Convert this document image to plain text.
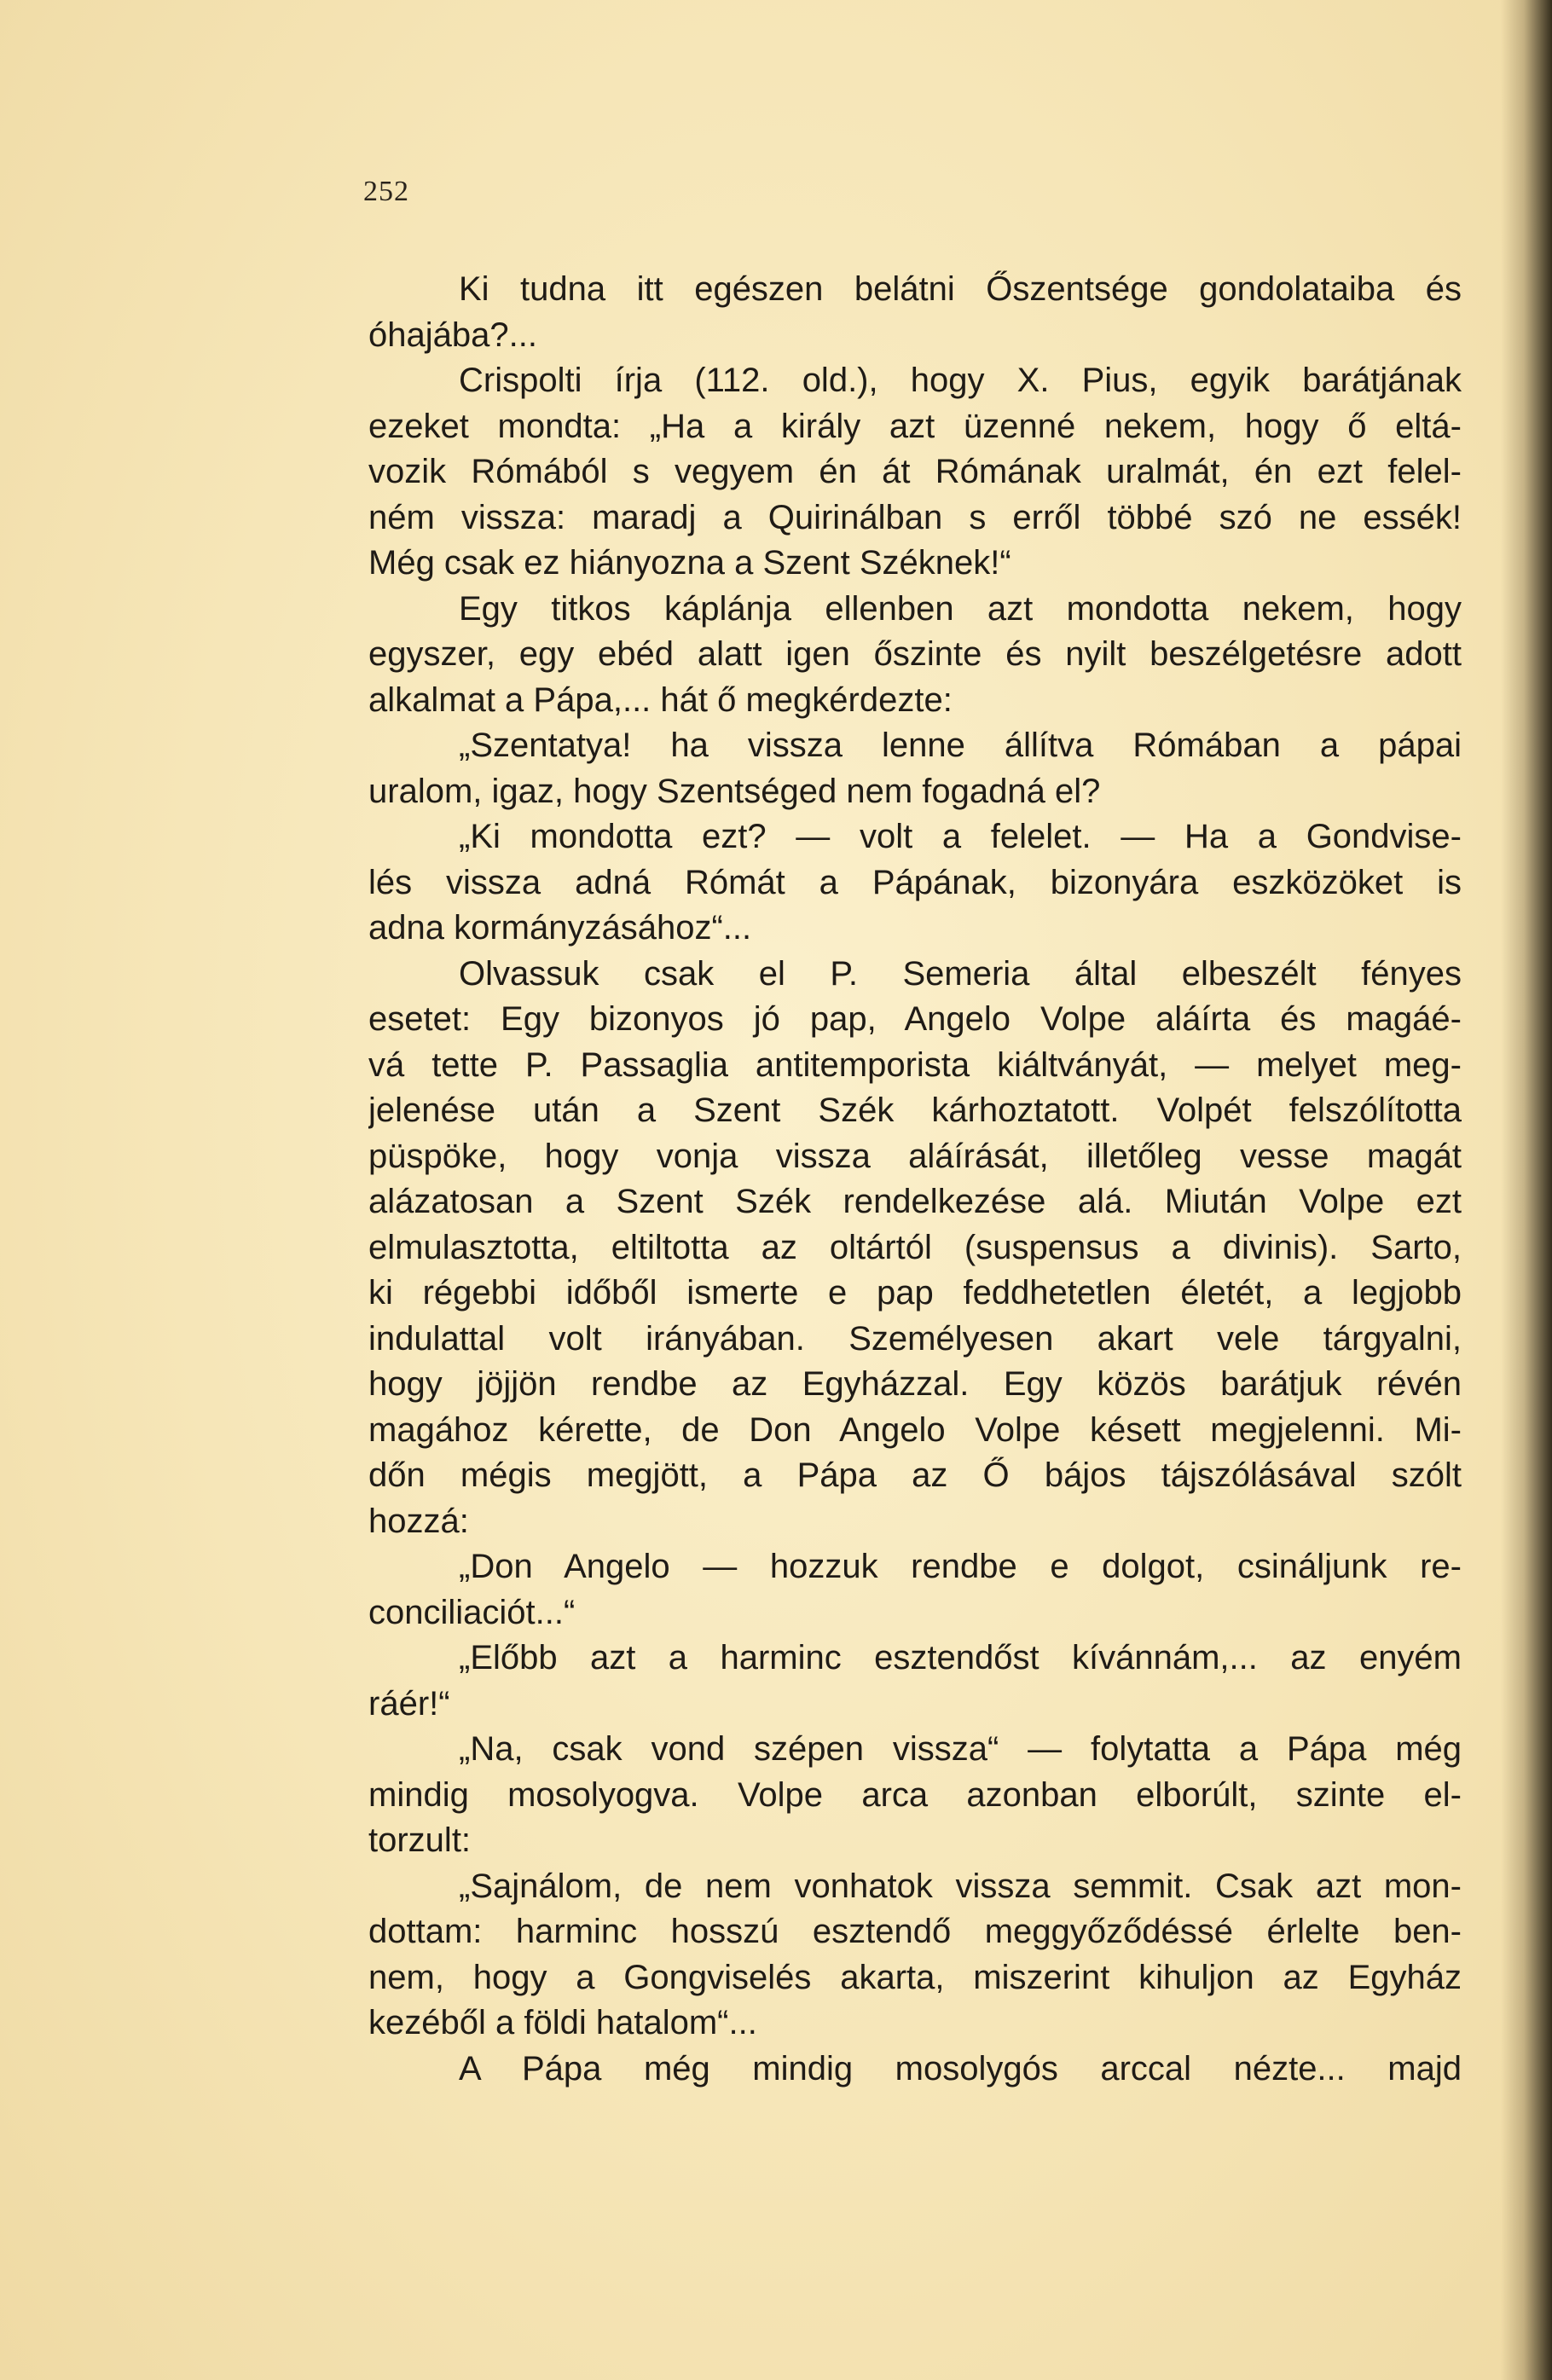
252
Ki tudna itt egészen belátni Őszentsége gondolataiba és
óhajába?...
Crispolti írja (112. old.), hogy X. Pius, egyik barátjának
ezeket mondta: „Ha a király azt üzenné nekem, hogy ő eltá-
vozik Rómából s vegyem én át Rómának uralmát, én ezt felel-
ném vissza: maradj a Quirinálban s erről többé szó ne essék!
Még csak ez hiányozna a Szent Széknek!“
Egy titkos káplánja ellenben azt mondotta nekem, hogy
egyszer, egy ebéd alatt igen őszinte és nyilt beszélgetésre adott
alkalmat a Pápa,... hát ő megkérdezte:
„Szentatya! ha vissza lenne állítva Rómában a pápai
uralom, igaz, hogy Szentséged nem fogadná el?
„Ki mondotta ezt? — volt a felelet. — Ha a Gondvise-
lés vissza adná Rómát a Pápának, bizonyára eszközöket is
adna kormányzásához“...
Olvassuk csak el P. Semeria által elbeszélt fényes
esetet: Egy bizonyos jó pap, Angelo Volpe aláírta és magáé-
vá tette P. Passaglia antitemporista kiáltványát, — melyet meg-
jelenése után a Szent Szék kárhoztatott. Volpét felszólította
püspöke, hogy vonja vissza aláírását, illetőleg vesse magát
alázatosan a Szent Szék rendelkezése alá. Miután Volpe ezt
elmulasztotta, eltiltotta az oltártól (suspensus a divinis). Sarto,
ki régebbi időből ismerte e pap feddhetetlen életét, a legjobb
indulattal volt irányában. Személyesen akart vele tárgyalni,
hogy jöjjön rendbe az Egyházzal. Egy közös barátjuk révén
magához kérette, de Don Angelo Volpe késett megjelenni. Mi-
dőn mégis megjött, a Pápa az Ő bájos tájszólásával szólt
hozzá:
„Don Angelo — hozzuk rendbe e dolgot, csináljunk re-
conciliaciót...“
„Előbb azt a harminc esztendőst kívánnám,... az enyém
ráér!“
„Na, csak vond szépen vissza“ — folytatta a Pápa még
mindig mosolyogva. Volpe arca azonban elborúlt, szinte el-
torzult:
„Sajnálom, de nem vonhatok vissza semmit. Csak azt mon-
dottam: harminc hosszú esztendő meggyőződéssé érlelte ben-
nem, hogy a Gongviselés akarta, miszerint kihuljon az Egyház
kezéből a földi hatalom“...
A Pápa még mindig mosolygós arccal nézte... majd
